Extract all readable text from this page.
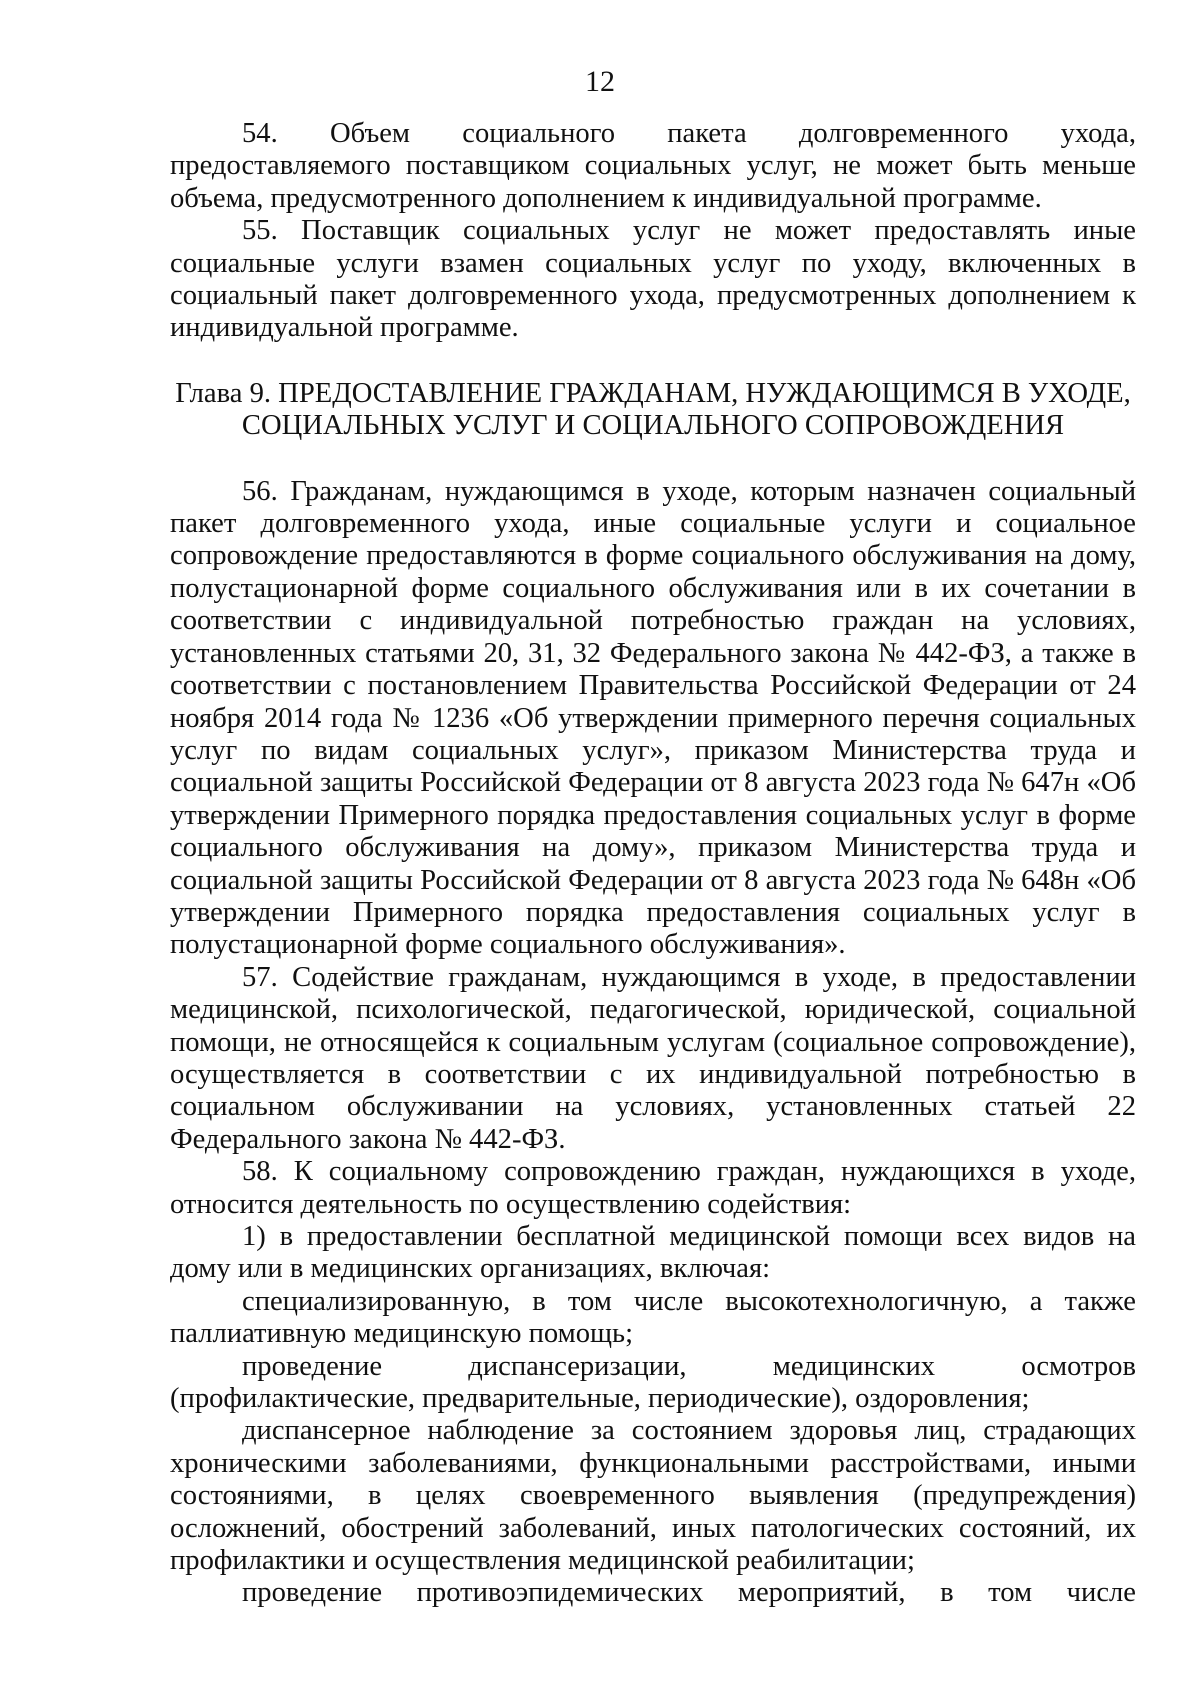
12

54. Объем социального пакета долговременного ухода, предоставляемого поставщиком социальных услуг, не может быть меньше объема, предусмотренного дополнением к индивидуальной программе.

55. Поставщик социальных услуг не может предоставлять иные социальные услуги взамен социальных услуг по уходу, включенных в социальный пакет долговременного ухода, предусмотренных дополнением к индивидуальной программе.

Глава 9. ПРЕДОСТАВЛЕНИЕ ГРАЖДАНАМ, НУЖДАЮЩИМСЯ В УХОДЕ,
СОЦИАЛЬНЫХ УСЛУГ И СОЦИАЛЬНОГО СОПРОВОЖДЕНИЯ

56. Гражданам, нуждающимся в уходе, которым назначен социальный пакет долговременного ухода, иные социальные услуги и социальное сопровождение предоставляются в форме социального обслуживания на дому, полустационарной форме социального обслуживания или в их сочетании в соответствии с индивидуальной потребностью граждан на условиях, установленных статьями 20, 31, 32 Федерального закона № 442-ФЗ, а также в соответствии с постановлением Правительства Российской Федерации от 24 ноября 2014 года № 1236 «Об утверждении примерного перечня социальных услуг по видам социальных услуг», приказом Министерства труда и социальной защиты Российской Федерации от 8 августа 2023 года № 647н «Об утверждении Примерного порядка предоставления социальных услуг в форме социального обслуживания на дому», приказом Министерства труда и социальной защиты Российской Федерации от 8 августа 2023 года № 648н «Об утверждении Примерного порядка предоставления социальных услуг в полустационарной форме социального обслуживания».

57. Содействие гражданам, нуждающимся в уходе, в предоставлении медицинской, психологической, педагогической, юридической, социальной помощи, не относящейся к социальным услугам (социальное сопровождение), осуществляется в соответствии с их индивидуальной потребностью в социальном обслуживании на условиях, установленных статьей 22 Федерального закона № 442-ФЗ.

58. К социальному сопровождению граждан, нуждающихся в уходе, относится деятельность по осуществлению содействия:

1) в предоставлении бесплатной медицинской помощи всех видов на дому или в медицинских организациях, включая:

специализированную, в том числе высокотехнологичную, а также паллиативную медицинскую помощь;

проведение диспансеризации, медицинских осмотров (профилактические, предварительные, периодические), оздоровления;

диспансерное наблюдение за состоянием здоровья лиц, страдающих хроническими заболеваниями, функциональными расстройствами, иными состояниями, в целях своевременного выявления (предупреждения) осложнений, обострений заболеваний, иных патологических состояний, их профилактики и осуществления медицинской реабилитации;

проведение противоэпидемических мероприятий, в том числе
